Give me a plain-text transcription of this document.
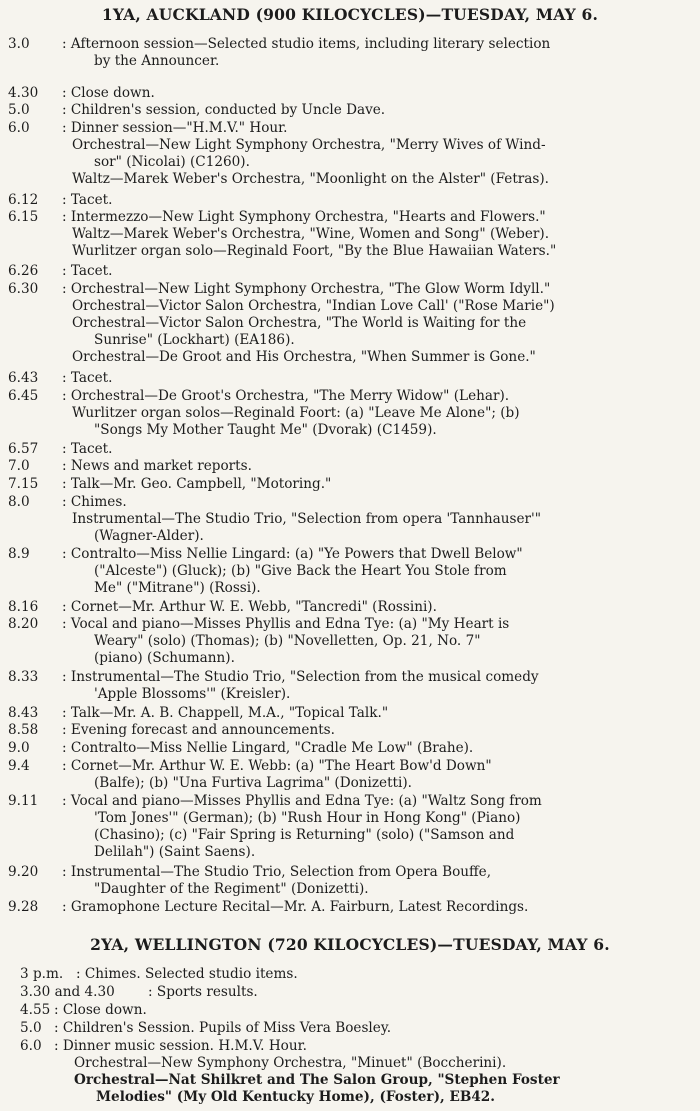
1YA, AUCKLAND (900 KILOCYCLES)—TUESDAY, MAY 6.
3.0	: Afternoon session—Selected studio items, including literary selection
by the Announcer.
4.30	: Close down.
5.0	: Children's session, conducted by Uncle Dave.
6.0	: Dinner session—"H.M.V." Hour.
Orchestral—New Light Symphony Orchestra, "Merry Wives of Wind-
sor" (Nicolai) (C1260).
Waltz—Marek Weber's Orchestra, "Moonlight on the Alster" (Fetras).
6.12	: Tacet.
6.15	: Intermezzo—New Light Symphony Orchestra, "Hearts and Flowers."
Waltz—Marek Weber's Orchestra, "Wine, Women and Song" (Weber).
Wurlitzer organ solo—Reginald Foort, "By the Blue Hawaiian Waters."
6.26	: Tacet.
6.30	: Orchestral—New Light Symphony Orchestra, "The Glow Worm Idyll."
Orchestral—Victor Salon Orchestra, "Indian Love Call' ("Rose Marie")
Orchestral—Victor Salon Orchestra, "The World is Waiting for the
Sunrise" (Lockhart) (EA186).
Orchestral—De Groot and His Orchestra, "When Summer is Gone."
6.43	: Tacet.
6.45	: Orchestral—De Groot's Orchestra, "The Merry Widow" (Lehar).
Wurlitzer organ solos—Reginald Foort: (a) "Leave Me Alone"; (b)
"Songs My Mother Taught Me" (Dvorak) (C1459).
6.57	: Tacet.
7.0	: News and market reports.
7.15	: Talk—Mr. Geo. Campbell, "Motoring."
8.0	: Chimes.
Instrumental—The Studio Trio, "Selection from opera 'Tannhauser'"
(Wagner-Alder).
8.9	: Contralto—Miss Nellie Lingard: (a) "Ye Powers that Dwell Below"
("Alceste") (Gluck); (b) "Give Back the Heart You Stole from
Me" ("Mitrane") (Rossi).
8.16	: Cornet—Mr. Arthur W. E. Webb, "Tancredi" (Rossini).
8.20	: Vocal and piano—Misses Phyllis and Edna Tye: (a) "My Heart is
Weary" (solo) (Thomas); (b) "Novelletten, Op. 21, No. 7"
(piano) (Schumann).
8.33	: Instrumental—The Studio Trio, "Selection from the musical comedy
'Apple Blossoms'" (Kreisler).
8.43	: Talk—Mr. A. B. Chappell, M.A., "Topical Talk."
8.58	: Evening forecast and announcements.
9.0	: Contralto—Miss Nellie Lingard, "Cradle Me Low" (Brahe).
9.4	: Cornet—Mr. Arthur W. E. Webb: (a) "The Heart Bow'd Down"
(Balfe); (b) "Una Furtiva Lagrima" (Donizetti).
9.11	: Vocal and piano—Misses Phyllis and Edna Tye: (a) "Waltz Song from
'Tom Jones'" (German); (b) "Rush Hour in Hong Kong" (Piano)
(Chasino); (c) "Fair Spring is Returning" (solo) ("Samson and
Delilah") (Saint Saens).
9.20	: Instrumental—The Studio Trio, Selection from Opera Bouffe,
"Daughter of the Regiment" (Donizetti).
9.28	: Gramophone Lecture Recital—Mr. A. Fairburn, Latest Recordings.
2YA, WELLINGTON (720 KILOCYCLES)—TUESDAY, MAY 6.
3 p.m. : Chimes. Selected studio items.
3.30 and 4.30	: Sports results.
4.55 : Close down.
5.0 : Children's Session. Pupils of Miss Vera Boesley.
6.0 : Dinner music session. H.M.V. Hour.
Orchestral—New Symphony Orchestra, "Minuet" (Boccherini).
Orchestral—Nat Shilkret and The Salon Group, "Stephen Foster
Melodies" (My Old Kentucky Home), (Foster), EB42.
